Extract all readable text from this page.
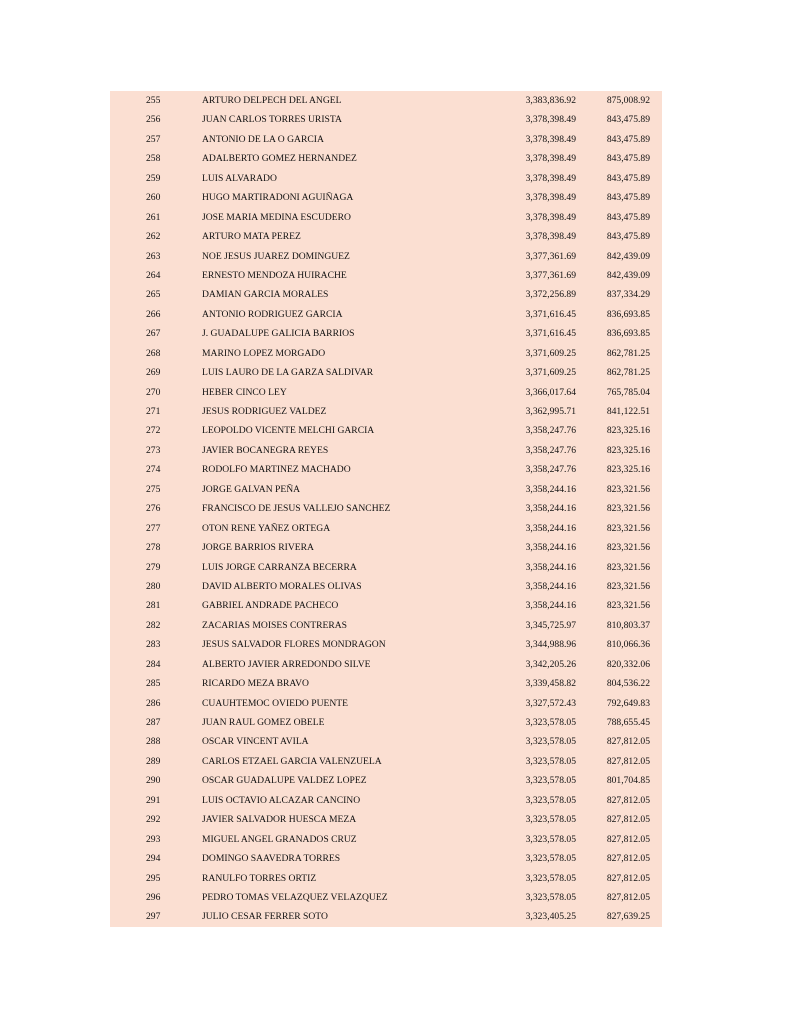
255	ARTURO DELPECH DEL ANGEL	3,383,836.92	875,008.92
256	JUAN CARLOS TORRES URISTA	3,378,398.49	843,475.89
257	ANTONIO DE LA O GARCIA	3,378,398.49	843,475.89
258	ADALBERTO GOMEZ HERNANDEZ	3,378,398.49	843,475.89
259	LUIS ALVARADO	3,378,398.49	843,475.89
260	HUGO MARTIRADONI AGUIÑAGA	3,378,398.49	843,475.89
261	JOSE MARIA MEDINA ESCUDERO	3,378,398.49	843,475.89
262	ARTURO MATA PEREZ	3,378,398.49	843,475.89
263	NOE JESUS JUAREZ DOMINGUEZ	3,377,361.69	842,439.09
264	ERNESTO MENDOZA HUIRACHE	3,377,361.69	842,439.09
265	DAMIAN GARCIA MORALES	3,372,256.89	837,334.29
266	ANTONIO RODRIGUEZ GARCIA	3,371,616.45	836,693.85
267	J. GUADALUPE GALICIA BARRIOS	3,371,616.45	836,693.85
268	MARINO LOPEZ MORGADO	3,371,609.25	862,781.25
269	LUIS LAURO DE LA GARZA SALDIVAR	3,371,609.25	862,781.25
270	HEBER CINCO LEY	3,366,017.64	765,785.04
271	JESUS RODRIGUEZ VALDEZ	3,362,995.71	841,122.51
272	LEOPOLDO VICENTE MELCHI GARCIA	3,358,247.76	823,325.16
273	JAVIER BOCANEGRA REYES	3,358,247.76	823,325.16
274	RODOLFO MARTINEZ MACHADO	3,358,247.76	823,325.16
275	JORGE GALVAN PEÑA	3,358,244.16	823,321.56
276	FRANCISCO DE JESUS VALLEJO SANCHEZ	3,358,244.16	823,321.56
277	OTON RENE YAÑEZ ORTEGA	3,358,244.16	823,321.56
278	JORGE BARRIOS RIVERA	3,358,244.16	823,321.56
279	LUIS JORGE CARRANZA BECERRA	3,358,244.16	823,321.56
280	DAVID ALBERTO MORALES OLIVAS	3,358,244.16	823,321.56
281	GABRIEL ANDRADE PACHECO	3,358,244.16	823,321.56
282	ZACARIAS MOISES CONTRERAS	3,345,725.97	810,803.37
283	JESUS SALVADOR FLORES MONDRAGON	3,344,988.96	810,066.36
284	ALBERTO JAVIER ARREDONDO SILVE	3,342,205.26	820,332.06
285	RICARDO MEZA BRAVO	3,339,458.82	804,536.22
286	CUAUHTEMOC OVIEDO PUENTE	3,327,572.43	792,649.83
287	JUAN RAUL GOMEZ OBELE	3,323,578.05	788,655.45
288	OSCAR VINCENT AVILA	3,323,578.05	827,812.05
289	CARLOS ETZAEL GARCIA VALENZUELA	3,323,578.05	827,812.05
290	OSCAR GUADALUPE VALDEZ LOPEZ	3,323,578.05	801,704.85
291	LUIS OCTAVIO ALCAZAR CANCINO	3,323,578.05	827,812.05
292	JAVIER SALVADOR HUESCA MEZA	3,323,578.05	827,812.05
293	MIGUEL ANGEL GRANADOS CRUZ	3,323,578.05	827,812.05
294	DOMINGO SAAVEDRA TORRES	3,323,578.05	827,812.05
295	RANULFO TORRES ORTIZ	3,323,578.05	827,812.05
296	PEDRO TOMAS VELAZQUEZ VELAZQUEZ	3,323,578.05	827,812.05
297	JULIO CESAR FERRER SOTO	3,323,405.25	827,639.25
